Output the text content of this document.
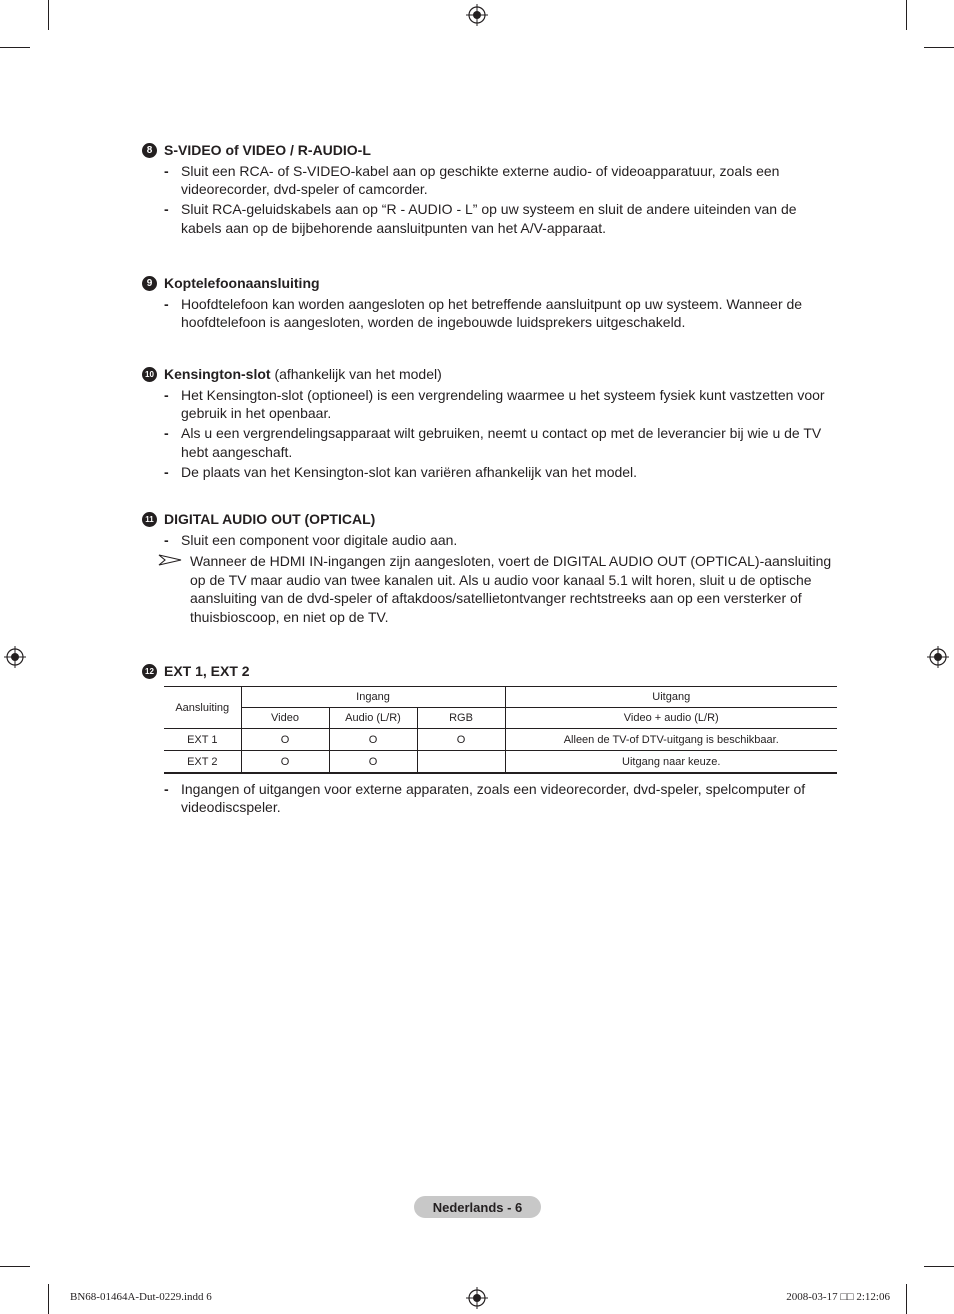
8 S-VIDEO of VIDEO / R-AUDIO-L
- Sluit een RCA- of S-VIDEO-kabel aan op geschikte externe audio- of videoapparatuur, zoals een videorecorder, dvd-speler of camcorder.
- Sluit RCA-geluidskabels aan op “R - AUDIO - L” op uw systeem en sluit de andere uiteinden van de kabels aan op de bijbehorende aansluitpunten van het A/V-apparaat.
9 Koptelefoonaansluiting
- Hoofdtelefoon kan worden aangesloten op het betreffende aansluitpunt op uw systeem. Wanneer de hoofdtelefoon is aangesloten, worden de ingebouwde luidsprekers uitgeschakeld.
10 Kensington-slot (afhankelijk van het model)
- Het Kensington-slot (optioneel) is een vergrendeling waarmee u het systeem fysiek kunt vastzetten voor gebruik in het openbaar.
- Als u een vergrendelingsapparaat wilt gebruiken, neemt u contact op met de leverancier bij wie u de TV hebt aangeschaft.
- De plaats van het Kensington-slot kan variëren afhankelijk van het model.
11 DIGITAL AUDIO OUT (OPTICAL)
- Sluit een component voor digitale audio aan.
Wanneer de HDMI IN-ingangen zijn aangesloten, voert de DIGITAL AUDIO OUT (OPTICAL)-aansluiting op de TV maar audio van twee kanalen uit. Als u audio voor kanaal 5.1 wilt horen, sluit u de optische aansluiting van de dvd-speler of aftakdoos/satellietontvanger rechtstreeks aan op een versterker of thuisbioscoop, en niet op de TV.
12 EXT 1, EXT 2
Aansluiting	Ingang			Uitgang
	Video	Audio (L/R)	RGB	Video + audio (L/R)
EXT 1	O	O	O	Alleen de TV-of DTV-uitgang is beschikbaar.
EXT 2	O	O		Uitgang naar keuze.
- Ingangen of uitgangen voor externe apparaten, zoals een videorecorder, dvd-speler, spelcomputer of videodiscspeler.
Nederlands - 6
BN68-01464A-Dut-0229.indd 6	2008-03-17 □□ 2:12:06
